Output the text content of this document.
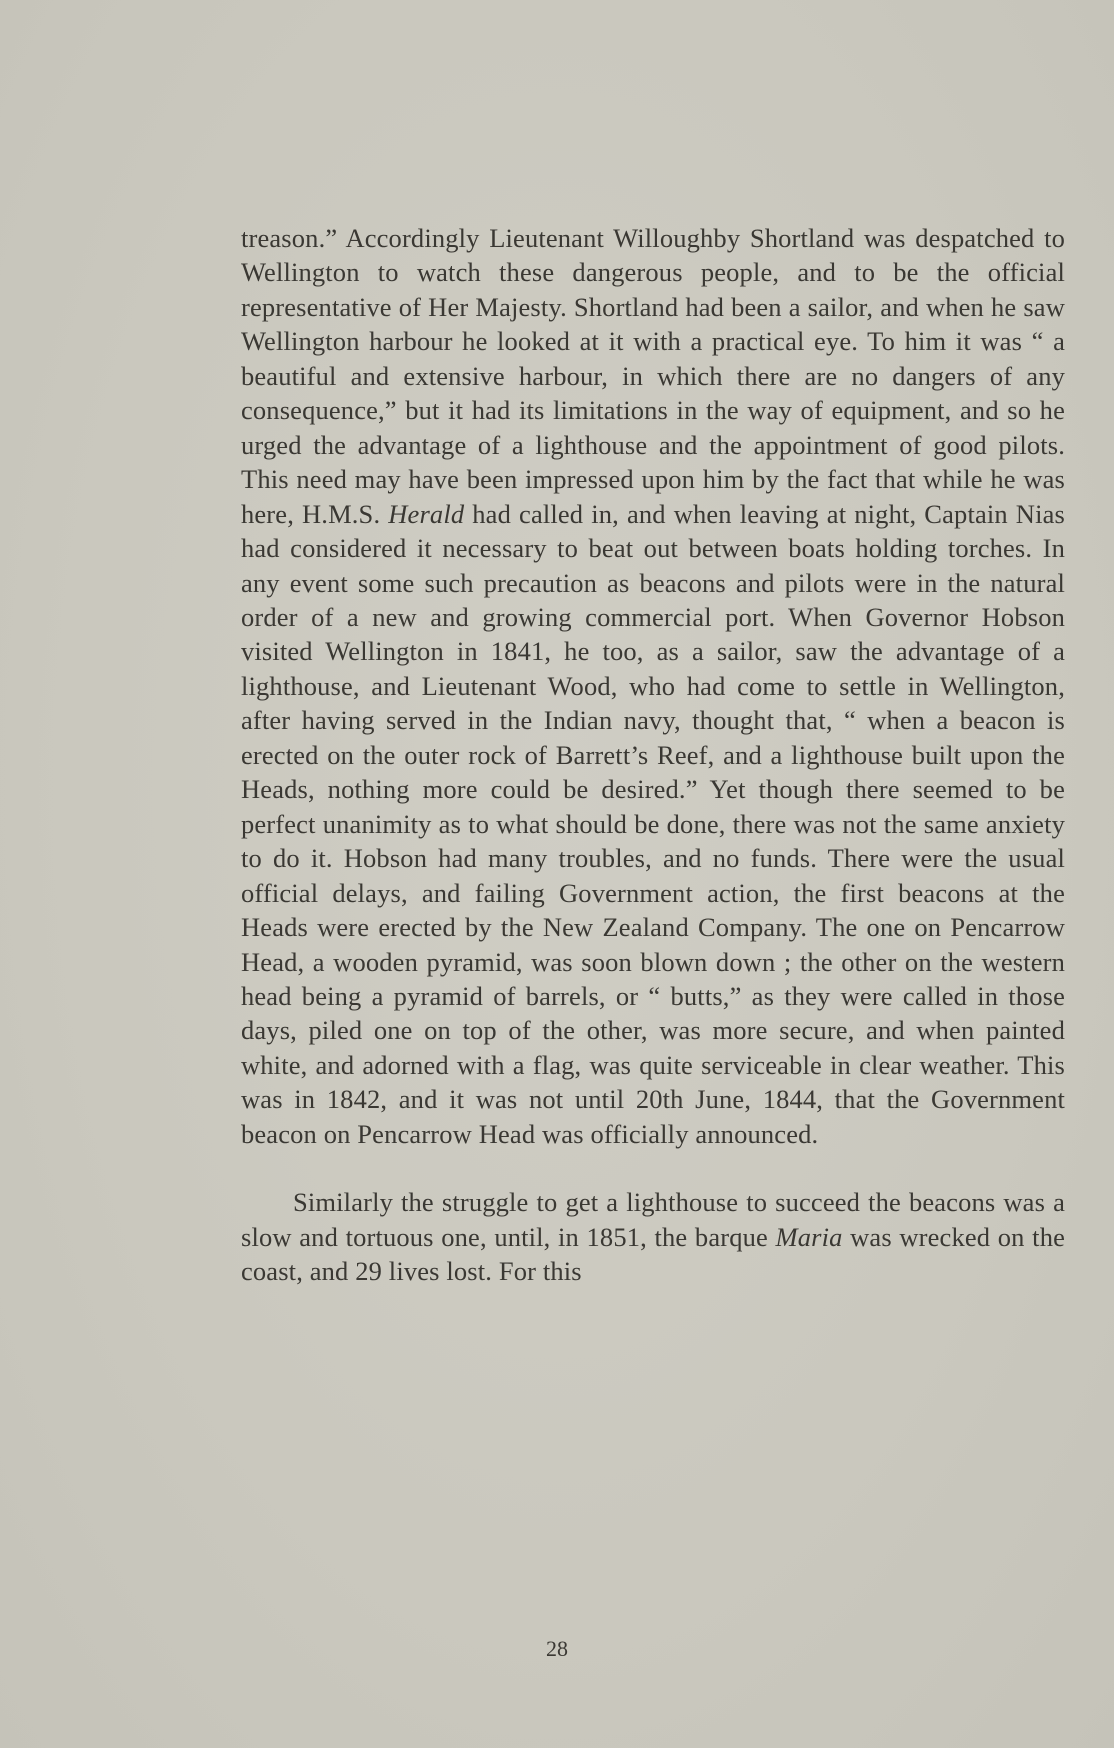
treason.” Accordingly Lieutenant Willoughby Shortland was despatched to Wellington to watch these dangerous people, and to be the official representative of Her Majesty. Shortland had been a sailor, and when he saw Wellington harbour he looked at it with a practical eye. To him it was “ a beautiful and extensive harbour, in which there are no dangers of any consequence,” but it had its limitations in the way of equipment, and so he urged the advantage of a lighthouse and the appointment of good pilots. This need may have been impressed upon him by the fact that while he was here, H.M.S. Herald had called in, and when leaving at night, Captain Nias had considered it necessary to beat out between boats holding torches. In any event some such precaution as beacons and pilots were in the natural order of a new and growing commercial port. When Governor Hobson visited Wellington in 1841, he too, as a sailor, saw the advantage of a lighthouse, and Lieutenant Wood, who had come to settle in Wellington, after having served in the Indian navy, thought that, “ when a beacon is erected on the outer rock of Barrett’s Reef, and a lighthouse built upon the Heads, nothing more could be desired.” Yet though there seemed to be perfect unanimity as to what should be done, there was not the same anxiety to do it. Hobson had many troubles, and no funds. There were the usual official delays, and failing Government action, the first beacons at the Heads were erected by the New Zealand Company. The one on Pencarrow Head, a wooden pyramid, was soon blown down ; the other on the western head being a pyramid of barrels, or “ butts,” as they were called in those days, piled one on top of the other, was more secure, and when painted white, and adorned with a flag, was quite serviceable in clear weather. This was in 1842, and it was not until 20th June, 1844, that the Government beacon on Pencarrow Head was officially announced.

Similarly the struggle to get a lighthouse to succeed the beacons was a slow and tortuous one, until, in 1851, the barque Maria was wrecked on the coast, and 29 lives lost. For this

28
